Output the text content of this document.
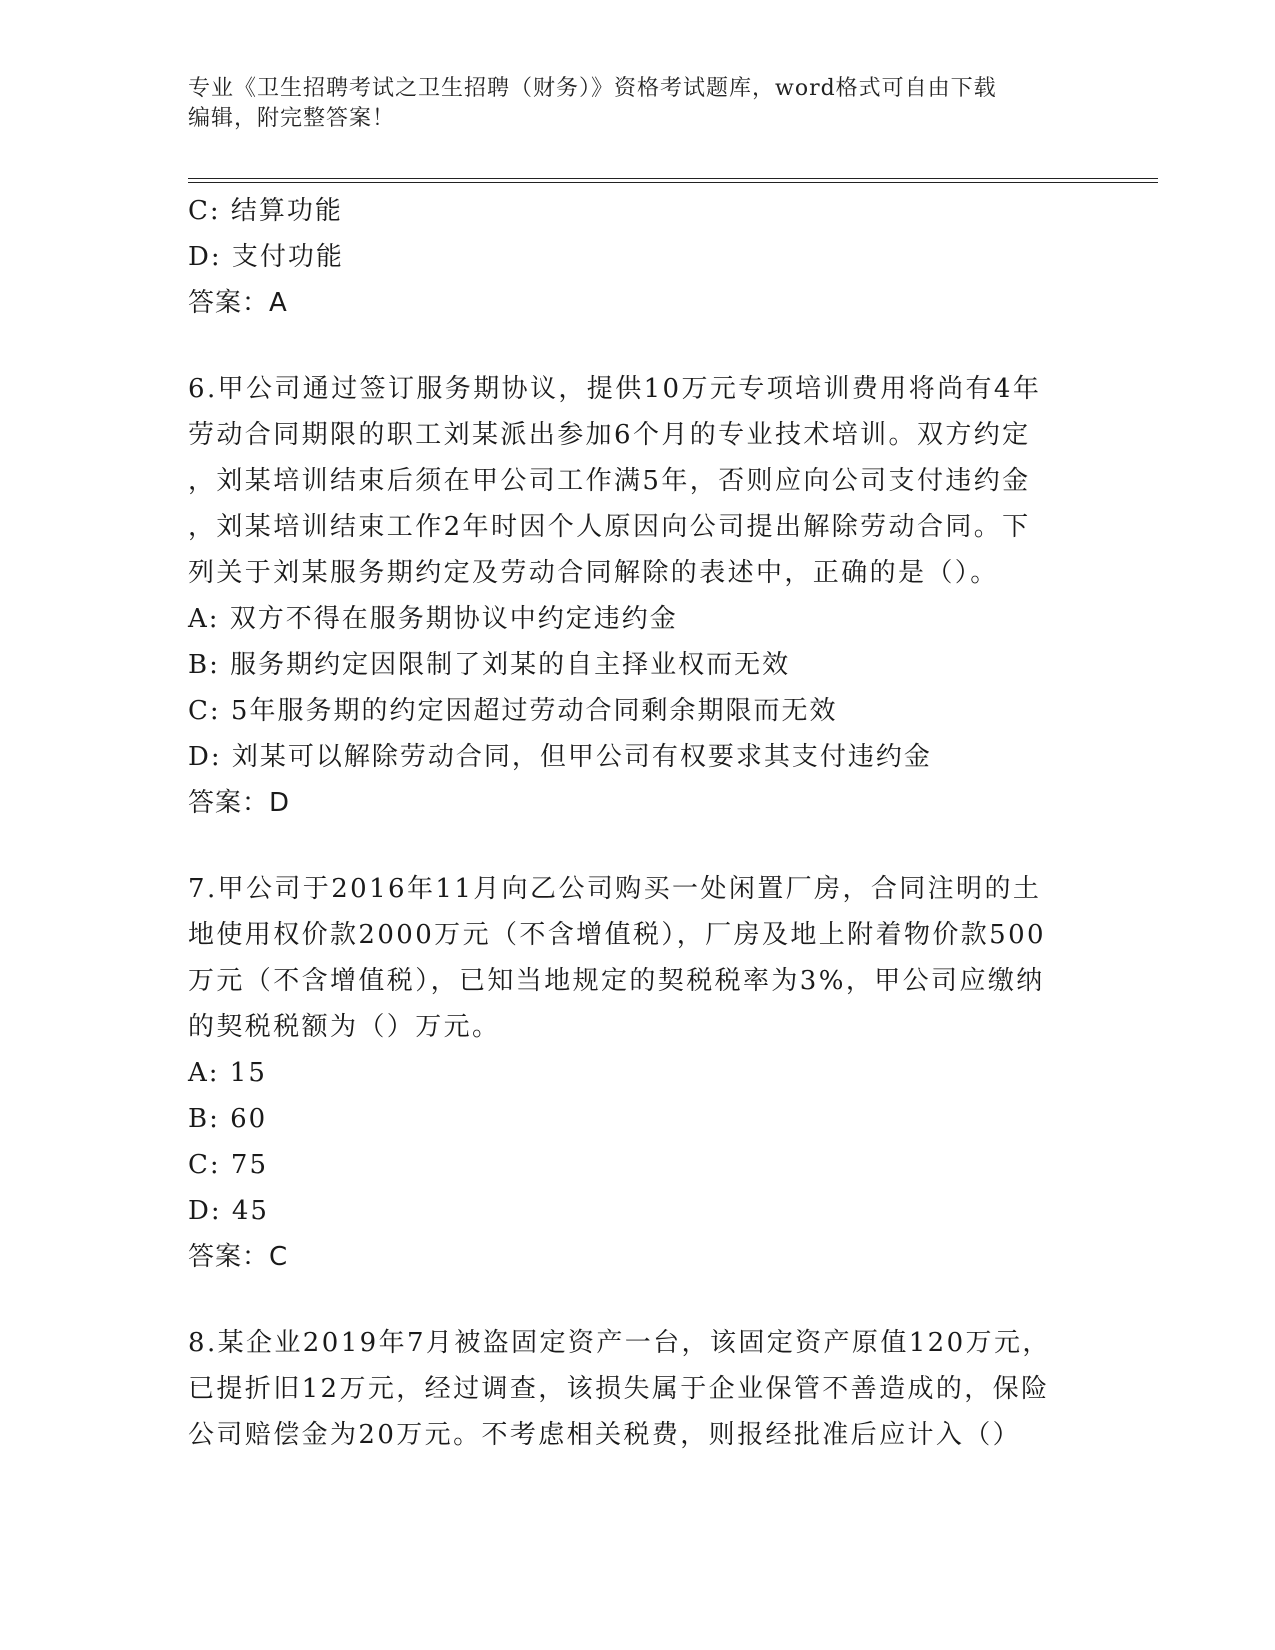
专业《卫生招聘考试之卫生招聘（财务）》资格考试题库，word格式可自由下载
编辑，附完整答案！
C: 结算功能
D: 支付功能
答案：A
6.甲公司通过签订服务期协议，提供10万元专项培训费用将尚有4年
劳动合同期限的职工刘某派出参加6个月的专业技术培训。双方约定
，刘某培训结束后须在甲公司工作满5年，否则应向公司支付违约金
，刘某培训结束工作2年时因个人原因向公司提出解除劳动合同。下
列关于刘某服务期约定及劳动合同解除的表述中，正确的是（）。
A: 双方不得在服务期协议中约定违约金
B: 服务期约定因限制了刘某的自主择业权而无效
C: 5年服务期的约定因超过劳动合同剩余期限而无效
D: 刘某可以解除劳动合同，但甲公司有权要求其支付违约金
答案：D
7.甲公司于2016年11月向乙公司购买一处闲置厂房，合同注明的土
地使用权价款2000万元（不含增值税），厂房及地上附着物价款500
万元（不含增值税），已知当地规定的契税税率为3%，甲公司应缴纳
的契税税额为（）万元。
A: 15
B: 60
C: 75
D: 45
答案：C
8.某企业2019年7月被盗固定资产一台，该固定资产原值120万元，
已提折旧12万元，经过调查，该损失属于企业保管不善造成的，保险
公司赔偿金为20万元。不考虑相关税费，则报经批准后应计入（）
